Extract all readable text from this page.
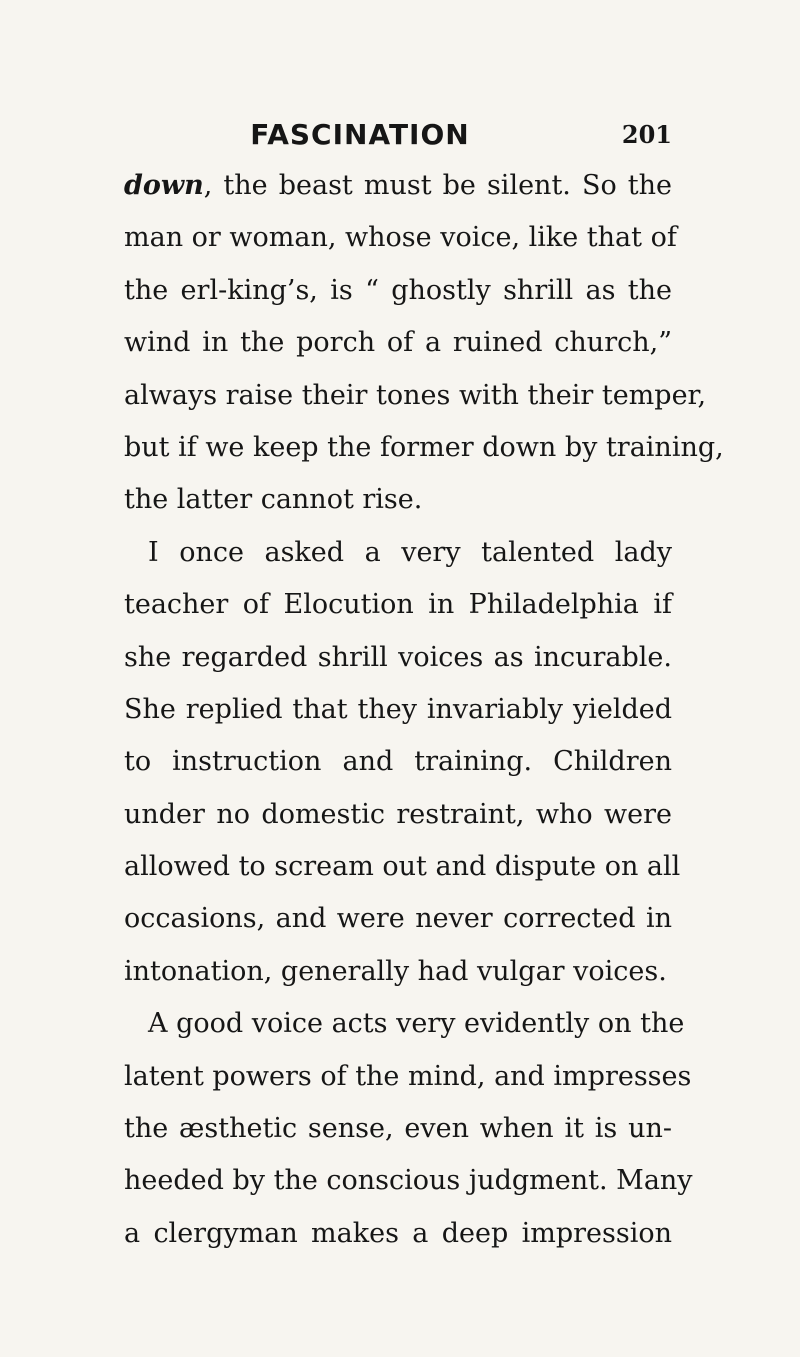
FASCINATION	201
down, the beast must be silent. So the
man or woman, whose voice, like that of
the erl-king’s, is “ ghostly shrill as the
wind in the porch of a ruined church,”
always raise their tones with their temper,
but if we keep the former down by training,
the latter cannot rise.
I once asked a very talented lady
teacher of Elocution in Philadelphia if
she regarded shrill voices as incurable.
She replied that they invariably yielded
to instruction and training. Children
under no domestic restraint, who were
allowed to scream out and dispute on all
occasions, and were never corrected in
intonation, generally had vulgar voices.
A good voice acts very evidently on the
latent powers of the mind, and impresses
the æsthetic sense, even when it is un-
heeded by the conscious judgment. Many
a clergyman makes a deep impression
